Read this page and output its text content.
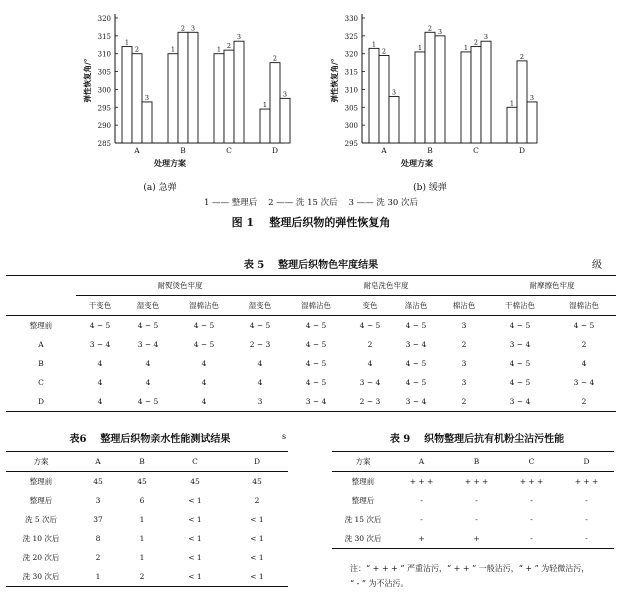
285
290
295
300
305
310
315
320
弹性恢复角/°
1
2
3
A
1
2 3
B
1 2
3
C
1
2
3
D
处理方案
295
300
305
310
315
320
325
330
弹性恢复角/°
1
2
3
A
1
2 3
B
1
2
3
C
1
2
3
D
处理方案
(a) 急弹	(b) 缓弹
1 —— 整理后    2 —— 洗 15 次后    3 —— 洗 30 次后
图 1    整理后织物的弹性恢复角
表 5    整理后织物色牢度结果	级
	耐熨烫色牢度				耐皂洗色牢度				耐摩擦色牢度	
	干变色	湿变色	湿棉沾色	湿变色	湿棉沾色	变色	涤沾色	棉沾色	干棉沾色	湿棉沾色
整理前	4 ~ 5	4 ~ 5	4 ~ 5	4 ~ 5	4 ~ 5	4 ~ 5	4 ~ 5	3	4 ~ 5	4 ~ 5
A	3 ~ 4	3 ~ 4	4 ~ 5	2 ~ 3	4 ~ 5	2	3 ~ 4	2	3 ~ 4	2
B	4	4	4	4	4 ~ 5	4	4 ~ 5	3	4 ~ 5	4
C	4	4	4	4	4 ~ 5	3 ~ 4	4 ~ 5	3	4 ~ 5	3 ~ 4
D	4	4 ~ 5	4	3	3 ~ 4	2 ~ 3	3 ~ 4	2	3 ~ 4	2
表6    整理后织物亲水性能测试结果	s
方案	A	B	C	D
整理前	45	45	45	45
整理后	3	6	< 1	2
洗 5 次后	37	1	< 1	< 1
洗 10 次后	8	1	< 1	< 1
洗 20 次后	2	1	< 1	< 1
洗 30 次后	1	2	< 1	< 1
表 9    织物整理后抗有机粉尘沾污性能
方案	A	B	C	D
整理前	+ + +	+ + +	+ + +	+ + +
整理后	-	-	-	-
洗 15 次后	-	-	-	-
洗 30 次后	+	+	-	-
注：“ + + + ” 严重沾污，“ + + ” 一般沾污，“ + ” 为轻微沾污，
“ - ” 为不沾污。
